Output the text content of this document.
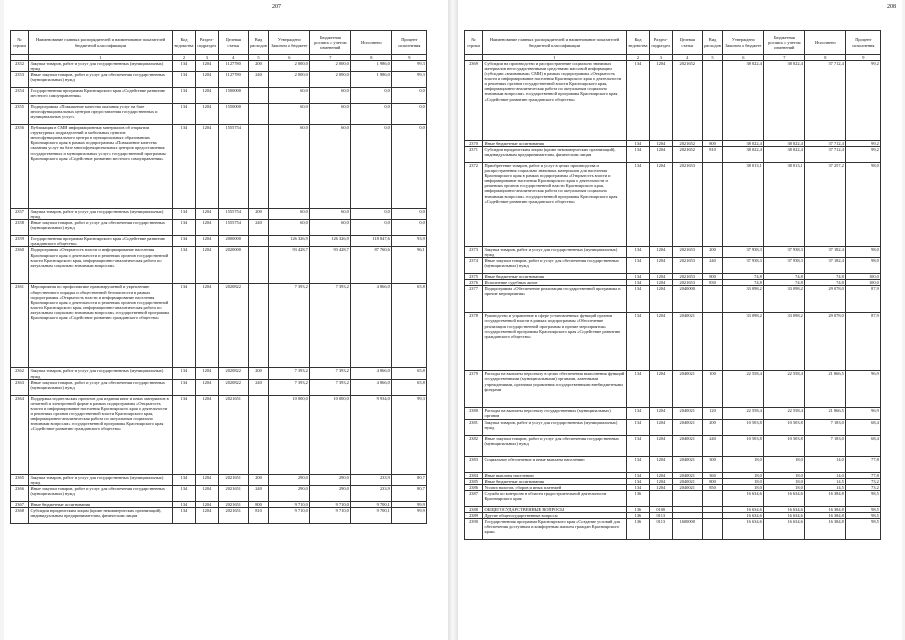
207
№ строки	Наименование главных распорядителей и наименование показателей бюджетной классификации	Код ведомства	Раздел-подраздел	Целевая статья	Вид расходов	Утверждено Законом о бюджете	Бюджетная роспись с учетом изменений	Исполнено	Процент исполнения
	1	2	3	4	5	6	7	8	9
2352	Закупка товаров, работ и услуг для государственных (муниципальных) нужд	134	1204	1127780	200	2 000,0	2 000,0	1 986,0	99,3
2353	Иные закупки товаров, работ и услуг для обеспечения государственных (муниципальных) нужд	134	1204	1127780	240	2 000,0	2 000,0	1 986,0	99,3
2354	Государственная программа Красноярского края «Содействие развитию местного самоуправления»	134	1204	1500000		60,0	60,0	0,0	0,0
2355	Подпрограмма «Повышение качества оказания услуг на базе многофункциональных центров предоставления государственных и муниципальных услуг»	134	1204	1550000		60,0	60,0	0,0	0,0
2356	Публикация в СМИ информационных материалов об открытии структурных подразделений и мобильных пунктов многофункционального центра в муниципальных образованиях Красноярского края в рамках подпрограммы «Повышение качества оказания услуг на базе многофункциональных центров предоставления государственных и муниципальных услуг» государственной программы Красноярского края «Содействие развитию местного самоуправления»	134	1204	1555754		60,0	60,0	0,0	0,0
2357	Закупка товаров, работ и услуг для государственных (муниципальных) нужд	134	1204	1555754	200	60,0	60,0	0,0	0,0
2358	Иные закупки товаров, работ и услуг для обеспечения государственных (муниципальных) нужд	134	1204	1555754	240	60,0	60,0	0,0	0,0
2359	Государственная программа Красноярского края «Содействие развитию гражданского общества»	134	1204	2000000		126 326,9	126 326,9	118 847,6	93,9
2360	Подпрограмма «Открытость власти и информирование населения Красноярского края о деятельности и решениях органов государственной власти Красноярского края, информационно-аналитическая работа по актуальным социально значимым вопросам»	134	1204	2020000		93 428,7	93 428,7	87 760,6	96,1
2361	Мероприятия по профилактике правонарушений и укреплению общественного порядка и общественной безопасности в рамках подпрограммы «Открытость власти и информирование населения Красноярского края о деятельности и решениях органов государственной власти Красноярского края, информационно-аналитическая работа по актуальным социально значимым вопросам» государственной программы Красноярского края «Содействие развитию гражданского общества»	134	1204	2020822		7 393,2	7 393,2	4 866,0	65,8
2362	Закупка товаров, работ и услуг для государственных (муниципальных) нужд	134	1204	2020822	200	7 393,2	7 393,2	4 866,0	65,8
2363	Иные закупки товаров, работ и услуг для обеспечения государственных (муниципальных) нужд	134	1204	2020822	240	7 393,2	7 393,2	4 866,0	65,8
2364	Поддержка издательских проектов для издания книг и иных материалов в печатной и электронной форме в рамках подпрограммы «Открытость власти и информирование населения Красноярского края о деятельности и решениях органов государственной власти Красноярского края, информационно-аналитическая работа по актуальным социально значимым вопросам» государственной программы Красноярского края «Содействие развитию гражданского общества»	134	1204	2021651		10 000,0	10 000,0	9 934,0	99,3
2365	Закупка товаров, работ и услуг для государственных (муниципальных) нужд	134	1204	2021651	200	290,0	290,0	233,9	80,7
2366	Иные закупки товаров, работ и услуг для обеспечения государственных (муниципальных) нужд	134	1204	2021651	240	290,0	290,0	233,9	80,7
2367	Иные бюджетные ассигнования	134	1204	2021651	800	9 710,0	9 710,0	9 700,1	99,9
2368	Субсидии юридическим лицам (кроме некоммерческих организаций), индивидуальным предпринимателям, физическим лицам	134	1204	2021651	810	9 710,0	9 710,0	9 700,1	99,9
208
№ строки	Наименование главных распорядителей и наименование показателей бюджетной классификации	Код ведомства	Раздел-подраздел	Целевая статья	Вид расходов	Утверждено Законом о бюджете	Бюджетная роспись с учетом изменений	Исполнено	Процент исполнения
	1	2	3	4	5	6	7	8	9
2369	Субсидии на производство и распространение социально значимых материалов негосударственными средствами массовой информации (субсидии «взаимными» СМИ) в рамках подпрограммы «Открытость власти и информирование населения Красноярского края о деятельности и решениях органов государственной власти Красноярского края, информационно-аналитическая работа по актуальным социально значимым вопросам» государственной программы Красноярского края «Содействие развитию гражданского общества»	134	1204	2021652		38 022,4	38 022,4	37 712,4	99,2
2370	Иные бюджетные ассигнования	134	1204	2021652	800	38 022,4	38 022,4	37 712,4	99,2
2371	Субсидии юридическим лицам (кроме некоммерческих организаций), индивидуальным предпринимателям, физическим лицам	134	1204	2021652	810	38 022,4	38 022,4	37 712,4	99,2
2372	Приобретение товаров, работ и услуг в целях производства и распространения социально значимых материалов для населения Красноярского края в рамках подпрограммы «Открытость власти и информирование населения Красноярского края о деятельности и решениях органов государственной власти Красноярского края, информационно-аналитическая работа по актуальным социально значимым вопросам» государственной программы Красноярского края «Содействие развитию гражданского общества»	134	1204	2021653		38 013,1	38 013,1	37 257,2	98,0
2373	Закупка товаров, работ и услуг для государственных (муниципальных) нужд	134	1204	2021653	200	37 938,3	37 938,3	37 182,4	98,0
2374	Иные закупки товаров, работ и услуг для обеспечения государственных (муниципальных) нужд	134	1204	2021653	240	37 938,3	37 938,3	37 182,4	98,0
2375	Иные бюджетные ассигнования	134	1204	2021653	800	74,8	74,8	74,8	100,0
2376	Исполнение судебных актов	134	1204	2021653	830	74,8	74,8	74,8	100,0
2377	Подпрограмма «Обеспечение реализации государственной программы и прочие мероприятия»	134	1204	2040000		33 098,2	33 098,2	29 078,0	87,9
2378	Руководство и управление в сфере установленных функций органов государственной власти в рамках подпрограммы «Обеспечение реализации государственной программы и прочие мероприятия» государственной программы Красноярского края «Содействие развитию гражданского общества»	134	1204	2040021		33 098,2	33 098,2	29 078,0	87,9
2379	Расходы на выплаты персоналу в целях обеспечения выполнения функций государственными (муниципальными) органами, казенными учреждениями, органами управления государственными внебюджетными фондами	134	1204	2040021	100	22 558,4	22 558,4	21 866,5	96,9
2380	Расходы на выплаты персоналу государственных (муниципальных) органов	134	1204	2040021	120	22 558,4	22 558,4	21 866,5	96,9
2381	Закупка товаров, работ и услуг для государственных (муниципальных) нужд	134	1204	2040021	200	10 503,8	10 503,8	7 183,0	68,4
2382	Иные закупки товаров, работ и услуг для обеспечения государственных (муниципальных) нужд	134	1204	2040021	240	10 503,8	10 503,8	7 183,0	68,4
2383	Социальное обеспечение и иные выплаты населению	134	1204	2040021	300	18,0	18,0	14,0	77,8
2384	Иные выплаты населению	134	1204	2040021	360	18,0	18,0	14,0	77,8
2385	Иные бюджетные ассигнования	134	1204	2040021	800	18,0	18,0	14,5	73,2
2386	Уплата налогов, сборов и иных платежей	134	1204	2040021	850	18,0	18,0	14,5	73,2
2387	Служба по контролю в области градостроительной деятельности Красноярского края	136				16 634,6	16 634,6	16 384,8	98,5
2388	ОБЩЕГОСУДАРСТВЕННЫЕ ВОПРОСЫ	136	0100			16 634,6	16 634,6	16 384,8	98,5
2389	Другие общегосударственные вопросы	136	0113			16 634,6	16 634,6	16 384,8	98,5
2390	Государственная программа Красноярского края «Создание условий для обеспечения доступным и комфортным жильем граждан Красноярского края»	136	0113	1600000		16 634,6	16 634,6	16 384,8	98,5
